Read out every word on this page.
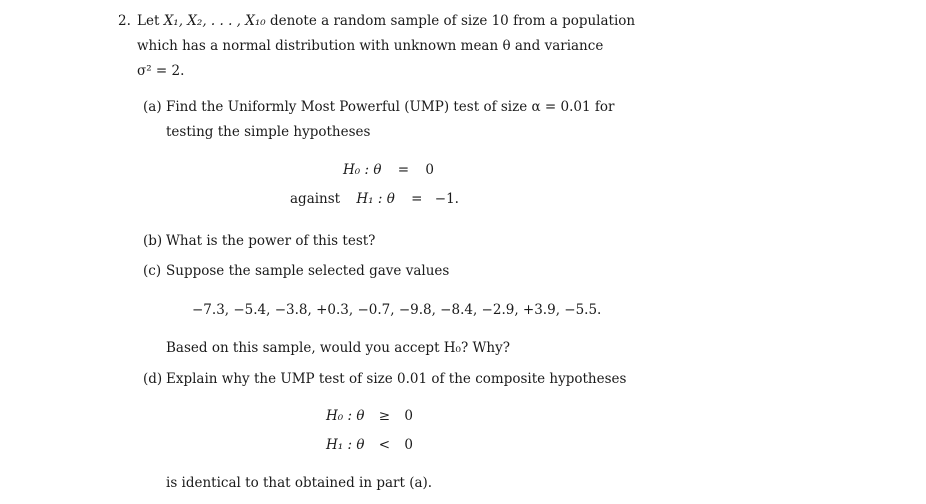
2. Let X₁, X₂, . . . , X₁₀ denote a random sample of size 10 from a population
which has a normal distribution with unknown mean θ and variance
σ² = 2.
(a) Find the Uniformly Most Powerful (UMP) test of size α = 0.01 for
testing the simple hypotheses
H₀ : θ = 0
against H₁ : θ = −1.
(b) What is the power of this test?
(c) Suppose the sample selected gave values
−7.3, −5.4, −3.8, +0.3, −0.7, −9.8, −8.4, −2.9, +3.9, −5.5.
Based on this sample, would you accept H₀? Why?
(d) Explain why the UMP test of size 0.01 of the composite hypotheses
H₀ : θ ≥ 0
H₁ : θ < 0
is identical to that obtained in part (a).
